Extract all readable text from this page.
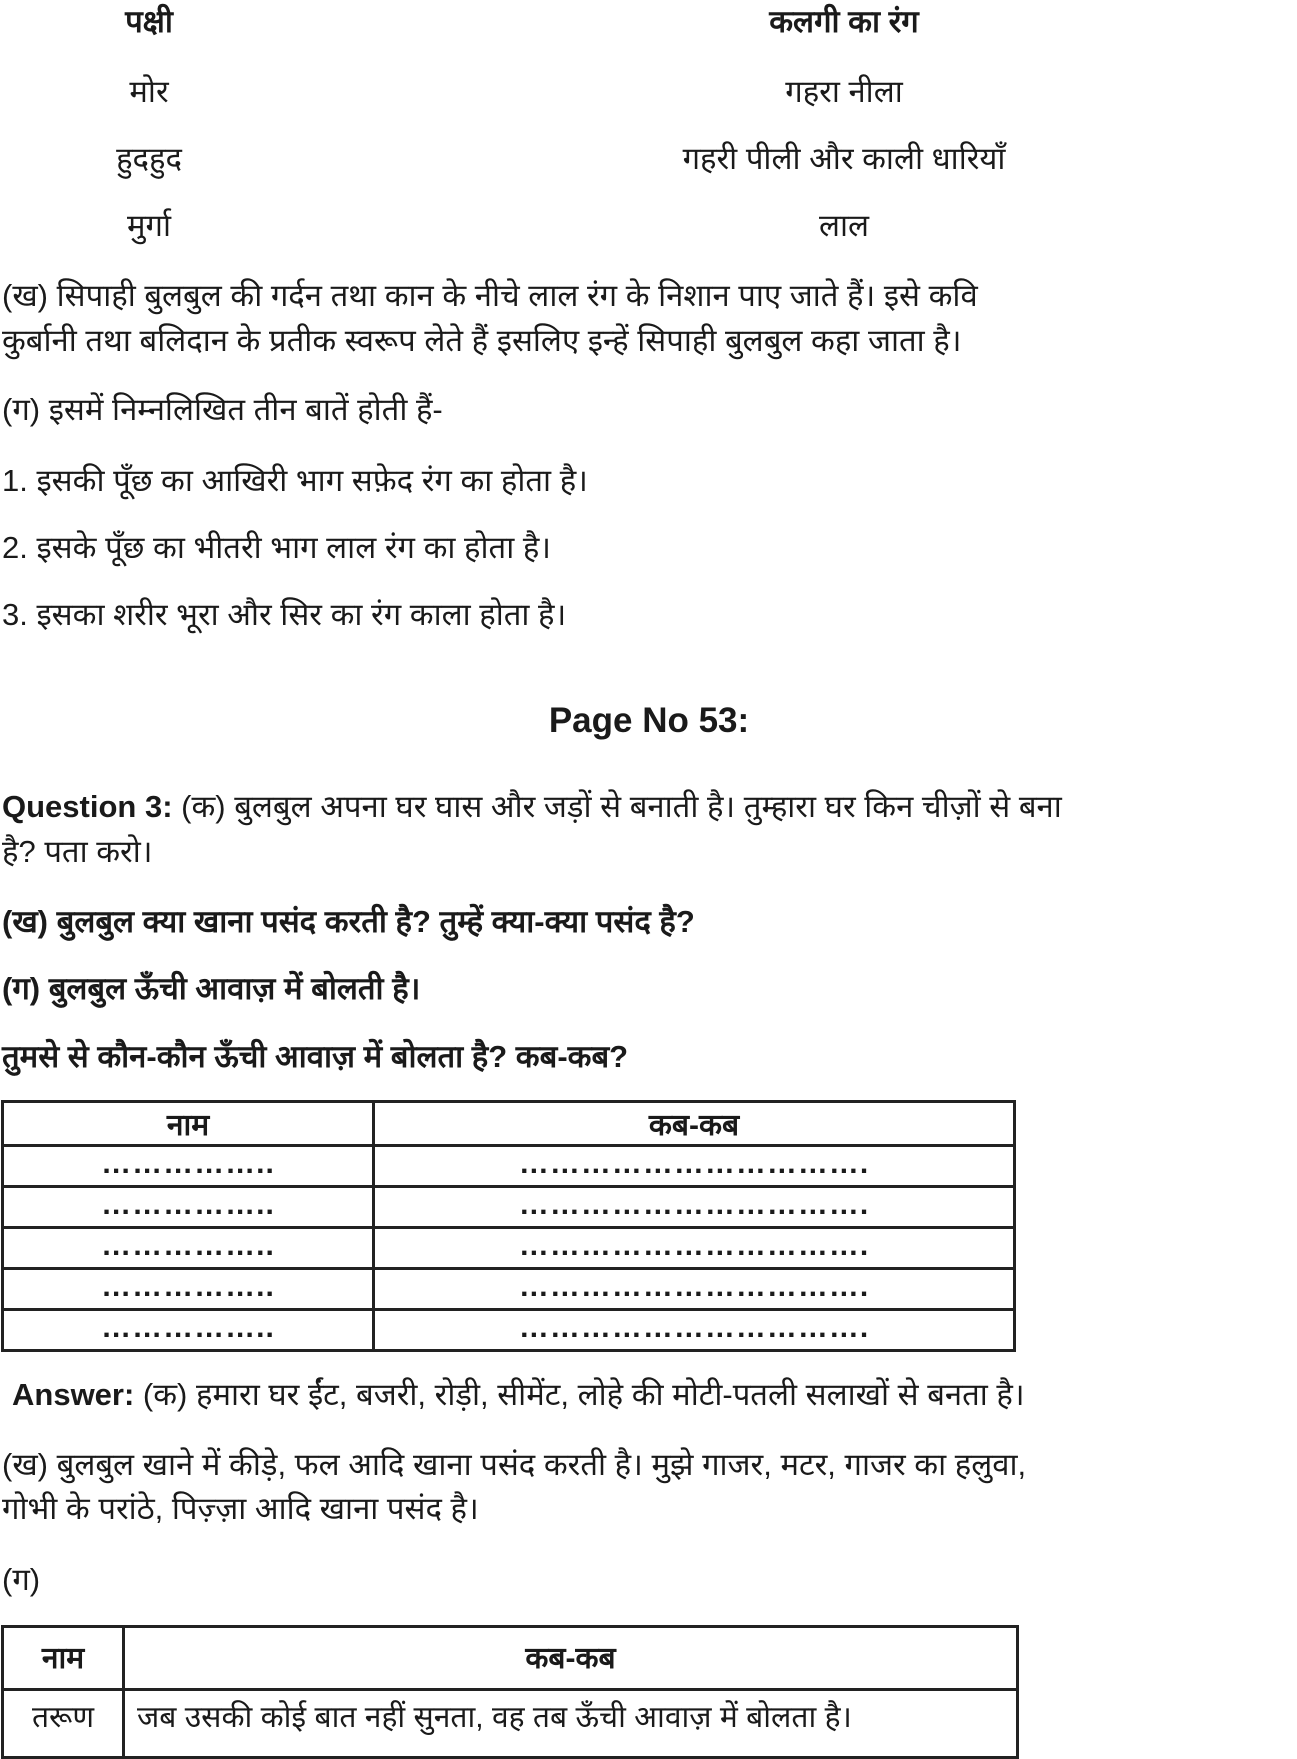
पक्षी	कलगी का रंग
मोर	गहरा नीला
हुदहुद	गहरी पीली और काली धारियाँ
मुर्गा	लाल
(ख) सिपाही बुलबुल की गर्दन तथा कान के नीचे लाल रंग के निशान पाए जाते हैं। इसे कवि
कुर्बानी तथा बलिदान के प्रतीक स्वरूप लेते हैं इसलिए इन्हें सिपाही बुलबुल कहा जाता है।
(ग) इसमें निम्नलिखित तीन बातें होती हैं-
1. इसकी पूँछ का आखिरी भाग सफ़ेद रंग का होता है।
2. इसके पूँछ का भीतरी भाग लाल रंग का होता है।
3. इसका शरीर भूरा और सिर का रंग काला होता है।
Page No 53:
Question 3: (क) बुलबुल अपना घर घास और जड़ों से बनाती है। तुम्हारा घर किन चीज़ों से बना
है? पता करो।
(ख) बुलबुल क्या खाना पसंद करती है? तुम्हें क्या-क्या पसंद है?
(ग) बुलबुल ऊँची आवाज़ में बोलती है।
तुमसे से कौन-कौन ऊँची आवाज़ में बोलता है? कब-कब?
नाम	कब-कब
……………..	…………………………….
……………..	…………………………….
……………..	…………………………….
……………..	…………………………….
……………..	…………………………….
Answer: (क) हमारा घर ईंट, बजरी, रोड़ी, सीमेंट, लोहे की मोटी-पतली सलाखों से बनता है।
(ख) बुलबुल खाने में कीड़े, फल आदि खाना पसंद करती है। मुझे गाजर, मटर, गाजर का हलुवा,
गोभी के परांठे, पिज़्ज़ा आदि खाना पसंद है।
(ग)
नाम	कब-कब
तरूण	जब उसकी कोई बात नहीं सुनता, वह तब ऊँची आवाज़ में बोलता है।
